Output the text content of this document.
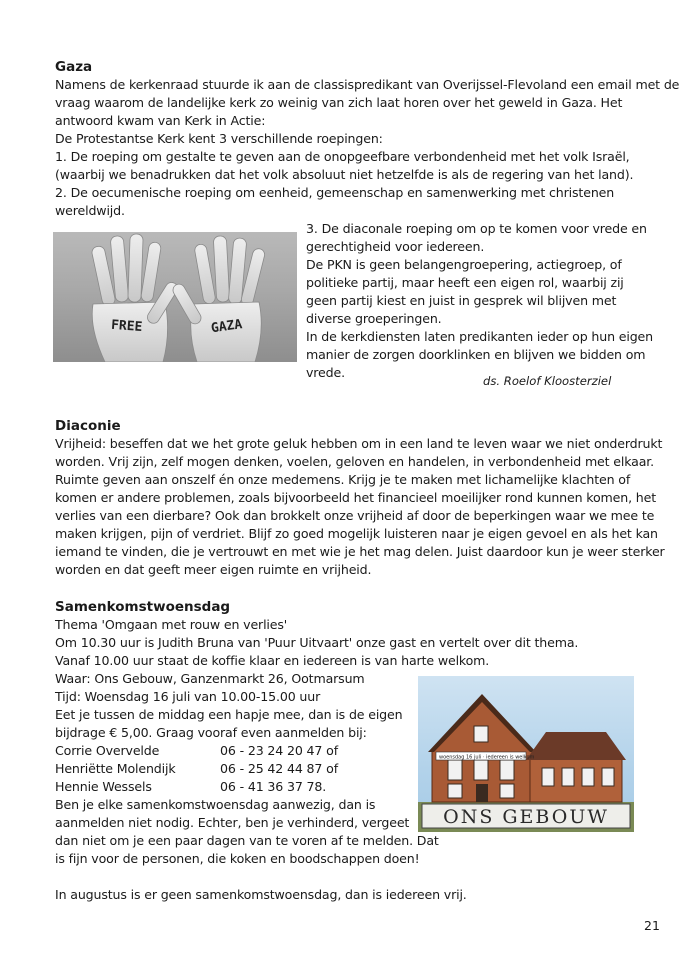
Gaza
Namens de kerkenraad stuurde ik aan de classispredikant van Overijssel-Flevoland een email met de
vraag waarom de landelijke kerk zo weinig van zich laat horen over het geweld in Gaza. Het
antwoord kwam van Kerk in Actie:
De Protestantse Kerk kent 3 verschillende roepingen:
1. De roeping om gestalte te geven aan de onopgeefbare verbondenheid met het volk Israël,
(waarbij we benadrukken dat het volk absoluut niet hetzelfde is als de regering van het land).
2. De oecumenische roeping om eenheid, gemeenschap en samenwerking met christenen
wereldwijd.
FREE	GAZA
3. De diaconale roeping om op te komen voor vrede en
gerechtigheid voor iedereen.
De PKN is geen belangengroepering, actiegroep, of
politieke partij, maar heeft een eigen rol, waarbij zij
geen partij kiest en juist in gesprek wil blijven met
diverse groeperingen.
In de kerkdiensten laten predikanten ieder op hun eigen
manier de zorgen doorklinken en blijven we bidden om
vrede.
ds. Roelof Kloosterziel
Diaconie
Vrijheid: beseffen dat we het grote geluk hebben om in een land te leven waar we niet onderdrukt
worden. Vrij zijn, zelf mogen denken, voelen, geloven en handelen, in verbondenheid met elkaar.
Ruimte geven aan onszelf én onze medemens. Krijg je te maken met lichamelijke klachten of
komen er andere problemen, zoals bijvoorbeeld het financieel moeilijker rond kunnen komen, het
verlies van een dierbare? Ook dan brokkelt onze vrijheid af door de beperkingen waar we mee te
maken krijgen, pijn of verdriet. Blijf zo goed mogelijk luisteren naar je eigen gevoel en als het kan
iemand te vinden, die je vertrouwt en met wie je het mag delen. Juist daardoor kun je weer sterker
worden en dat geeft meer eigen ruimte en vrijheid.
Samenkomstwoensdag
Thema 'Omgaan met rouw en verlies'
Om 10.30 uur is Judith Bruna van 'Puur Uitvaart' onze gast en vertelt over dit thema.
Vanaf 10.00 uur staat de koffie klaar en iedereen is van harte welkom.
Waar: Ons Gebouw, Ganzenmarkt 26, Ootmarsum
Tijd: Woensdag 16 juli van 10.00-15.00 uur
Eet je tussen de middag een hapje mee, dan is de eigen
bijdrage € 5,00. Graag vooraf even aanmelden bij:
Corrie Overvelde	06 - 23 24 20 47 of
Henriëtte Molendijk	06 - 25 42 44 87 of
Hennie Wessels	06 - 41 36 37 78.
Ben je elke samenkomstwoensdag aanwezig, dan is
aanmelden niet nodig. Echter, ben je verhinderd, vergeet
dan niet om je een paar dagen van te voren af te melden. Dat
is fijn voor de personen, die koken en boodschappen doen!
In augustus is er geen samenkomstwoensdag, dan is iedereen vrij.
woensdag 16 juli · iedereen is welkom
ONS GEBOUW
21
